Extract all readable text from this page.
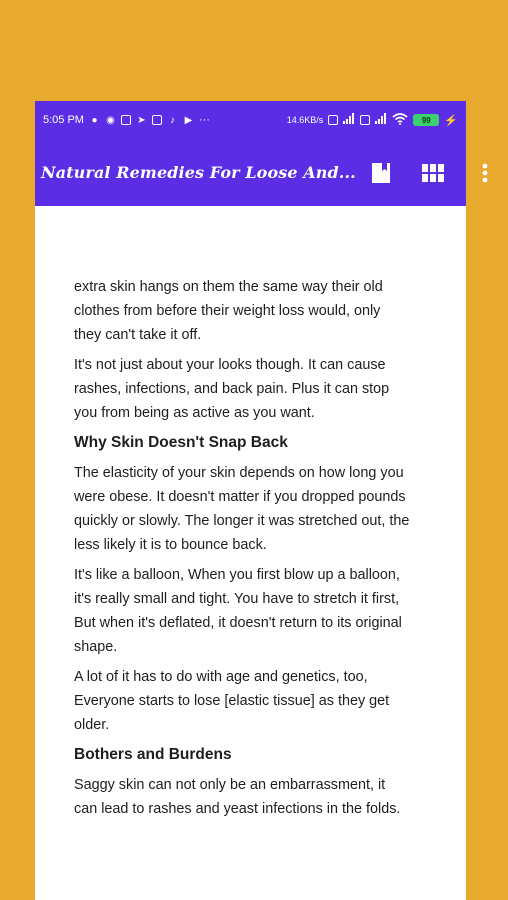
5:05 PM ● ◉ ➤	♪ ▶ ···	14.6KB/s	99	⚡
Natural Remedies For Loose And...

extra skin hangs on them the same way their old clothes from before their weight loss would, only they can't take it off.

It's not just about your looks though. It can cause rashes, infections, and back pain. Plus it can stop you from being as active as you want.

Why Skin Doesn't Snap Back

The elasticity of your skin depends on how long you were obese. It doesn't matter if you dropped pounds quickly or slowly. The longer it was stretched out, the less likely it is to bounce back.

It's like a balloon, When you first blow up a balloon, it's really small and tight. You have to stretch it first, But when it's deflated, it doesn't return to its original shape.

A lot of it has to do with age and genetics, too, Everyone starts to lose [elastic tissue] as they get older.

Bothers and Burdens

Saggy skin can not only be an embarrassment, it can lead to rashes and yeast infections in the folds.
